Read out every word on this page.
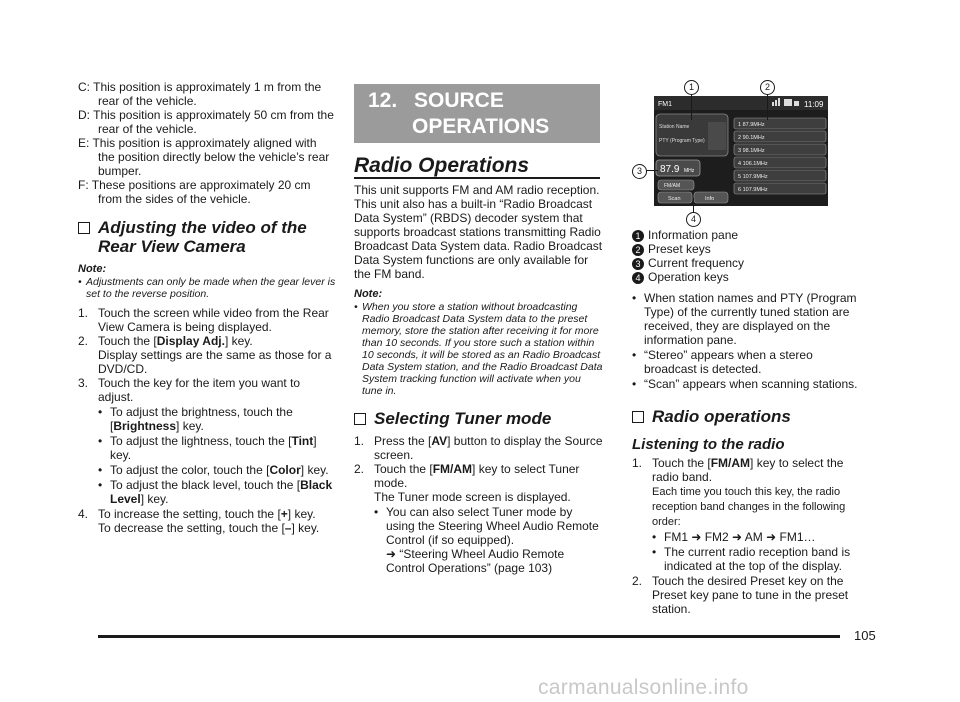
C: This position is approximately 1 m from the rear of the vehicle.

D: This position is approximately 50 cm from the rear of the vehicle.

E: This position is approximately aligned with the position directly below the vehicle’s rear bumper.

F: These positions are approximately 20 cm from the sides of the vehicle.

Adjusting the video of the Rear View Camera
Note:
• Adjustments can only be made when the gear lever is set to the reverse position.
1. Touch the screen while video from the Rear View Camera is being displayed.
2. Touch the [Display Adj.] key.
Display settings are the same as those for a DVD/CD.
3. Touch the key for the item you want to adjust.
• To adjust the brightness, touch the [Brightness] key.
• To adjust the lightness, touch the [Tint] key.
• To adjust the color, touch the [Color] key.
• To adjust the black level, touch the [Black Level] key.
4. To increase the setting, touch the [+] key.
To decrease the setting, touch the [–] key.
12. SOURCE
OPERATIONS
Radio Operations

This unit supports FM and AM radio reception. This unit also has a built-in “Radio Broadcast Data System” (RBDS) decoder system that supports broadcast stations transmitting Radio Broadcast Data System data. Radio Broadcast Data System functions are only available for the FM band.

Note:
• When you store a station without broadcasting Radio Broadcast Data System data to the preset memory, store the station after receiving it for more than 10 seconds. If you store such a station within 10 seconds, it will be stored as an Radio Broadcast Data System station, and the Radio Broadcast Data System tracking function will activate when you tune in.
Selecting Tuner mode
1. Press the [AV] button to display the Source screen.
2. Touch the [FM/AM] key to select Tuner mode.
The Tuner mode screen is displayed.
• You can also select Tuner mode by using the Steering Wheel Audio Remote Control (if so equipped).
➜ “Steering Wheel Audio Remote Control Operations” (page 103)
FM1	11:09
Station Name
PTY (Program Type)
87.9 MHz
FM/AM
Scan	Info
1 87.9MHz
2 90.1MHz
3 98.1MHz
4 106.1MHz
5 107.9MHz
6 107.9MHz
1	2
3
4
1 Information pane
2 Preset keys
3 Current frequency
4 Operation keys
• When station names and PTY (Program Type) of the currently tuned station are received, they are displayed on the information pane.
• “Stereo” appears when a stereo broadcast is detected.
• “Scan” appears when scanning stations.
Radio operations
Listening to the radio
1. Touch the [FM/AM] key to select the radio band.
Each time you touch this key, the radio reception band changes in the following order:
• FM1 ➜ FM2 ➜ AM ➜ FM1…
• The current radio reception band is indicated at the top of the display.
2. Touch the desired Preset key on the Preset key pane to tune in the preset station.
105
carmanualsonline.info
